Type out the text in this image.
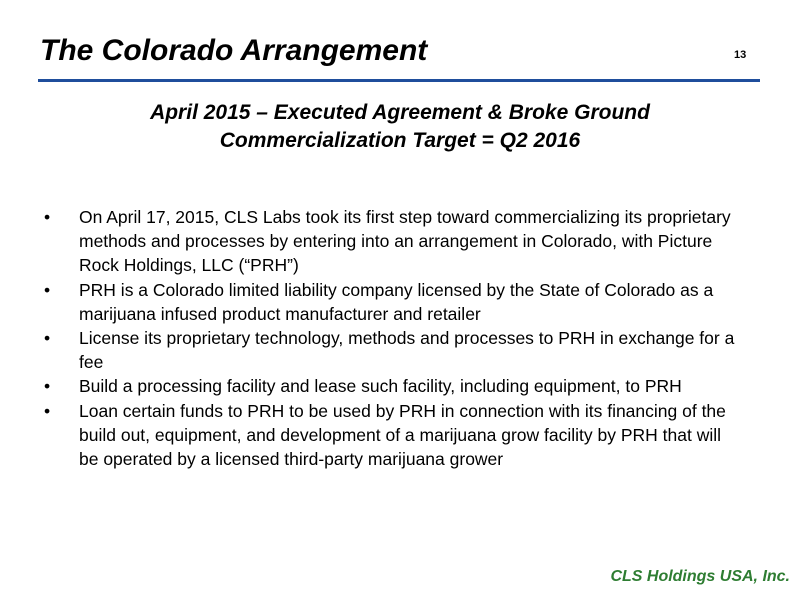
The Colorado Arrangement	13
April 2015 – Executed Agreement & Broke Ground
Commercialization Target = Q2 2016
•	On April 17, 2015, CLS Labs took its first step toward commercializing its proprietary methods and processes by entering into an arrangement in Colorado, with Picture Rock Holdings, LLC (“PRH”)
•	PRH is a Colorado limited liability company licensed by the State of Colorado as a marijuana infused product manufacturer and retailer
•	License its proprietary technology, methods and processes to PRH in exchange for a fee
•	Build a processing facility and lease such facility, including equipment, to PRH
•	Loan certain funds to PRH to be used by PRH in connection with its financing of the build out, equipment, and development of a marijuana grow facility by PRH that will be operated by a licensed third-party marijuana grower
CLS Holdings USA, Inc.
